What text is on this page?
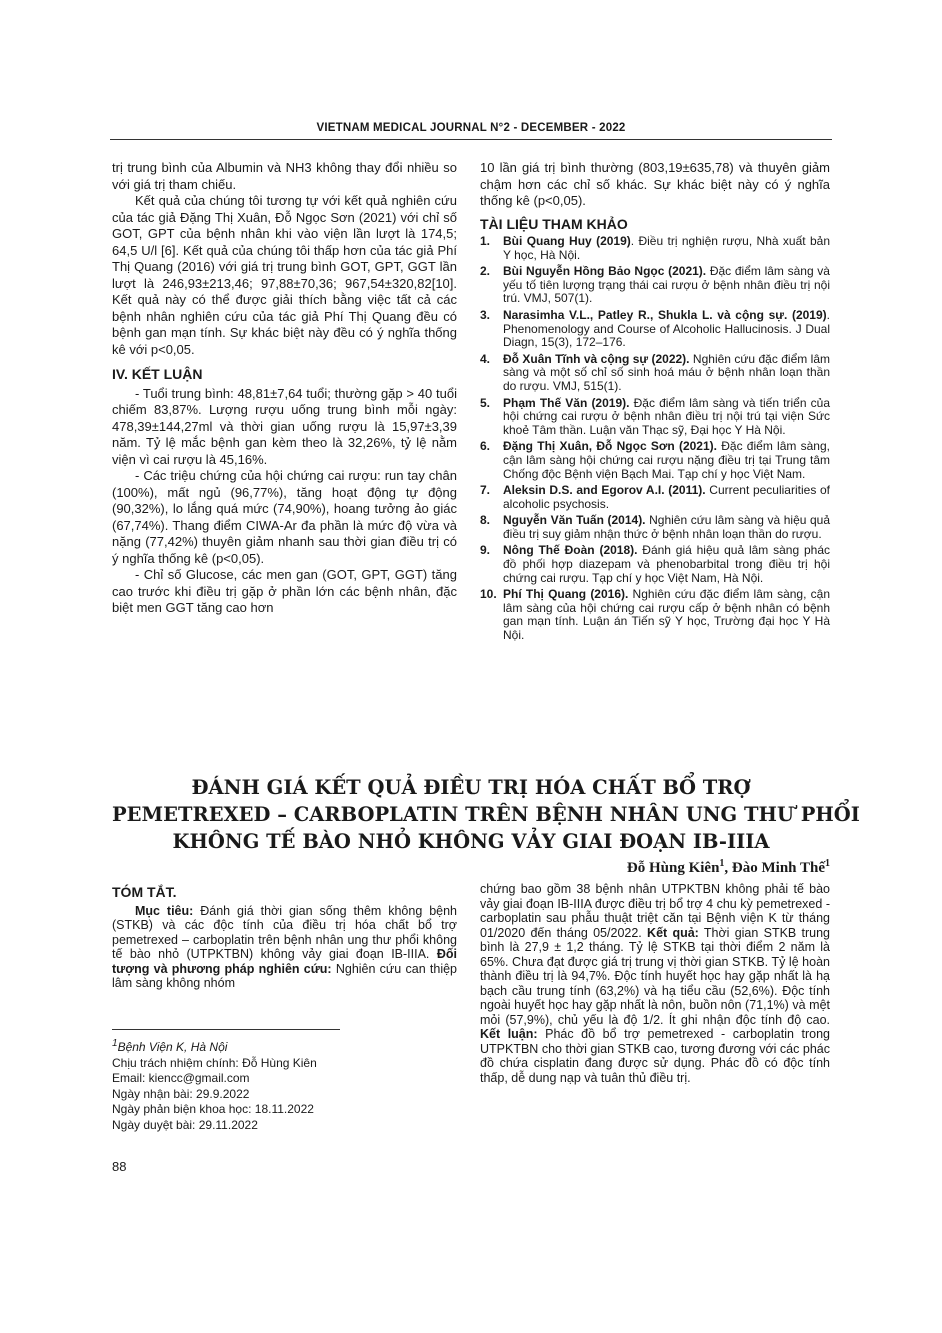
VIETNAM MEDICAL JOURNAL N°2 - DECEMBER - 2022

trị trung bình của Albumin và NH3 không thay đổi nhiều so với giá trị tham chiếu.

Kết quả của chúng tôi tương tự với kết quả nghiên cứu của tác giả Đặng Thị Xuân, Đỗ Ngọc Sơn (2021) với chỉ số GOT, GPT của bệnh nhân khi vào viện lần lượt là 174,5; 64,5 U/l [6]. Kết quả của chúng tôi thấp hơn của tác giả Phí Thị Quang (2016) với giá trị trung bình GOT, GPT, GGT lần lượt là 246,93±213,46; 97,88±70,36; 967,54±320,82[10]. Kết quả này có thể được giải thích bằng việc tất cả các bệnh nhân nghiên cứu của tác giả Phí Thị Quang đều có bệnh gan mạn tính. Sự khác biệt này đều có ý nghĩa thống kê với p<0,05.

IV. KẾT LUẬN

- Tuổi trung bình: 48,81±7,64 tuổi; thường gặp > 40 tuổi chiếm 83,87%. Lượng rượu uống trung bình mỗi ngày: 478,39±144,27ml và thời gian uống rượu là 15,97±3,39 năm. Tỷ lệ mắc bệnh gan kèm theo là 32,26%, tỷ lệ nằm viện vì cai rượu là 45,16%.

- Các triệu chứng của hội chứng cai rượu: run tay chân (100%), mất ngủ (96,77%), tăng hoạt động tự động (90,32%), lo lắng quá mức (74,90%), hoang tưởng ảo giác (67,74%). Thang điểm CIWA-Ar đa phần là mức độ vừa và nặng (77,42%) thuyên giảm nhanh sau thời gian điều trị có ý nghĩa thống kê (p<0,05).

- Chỉ số Glucose, các men gan (GOT, GPT, GGT) tăng cao trước khi điều trị gặp ở phần lớn các bệnh nhân, đặc biệt men GGT tăng cao hơn

10 lần giá trị bình thường (803,19±635,78) và thuyên giảm chậm hơn các chỉ số khác. Sự khác biệt này có ý nghĩa thống kê (p<0,05).

TÀI LIỆU THAM KHẢO
1. Bùi Quang Huy (2019). Điều trị nghiện rượu, Nhà xuất bản Y học, Hà Nội.
2. Bùi Nguyễn Hồng Bảo Ngọc (2021). Đặc điểm lâm sàng và yếu tố tiên lượng trạng thái cai rượu ở bệnh nhân điều trị nội trú. VMJ, 507(1).
3. Narasimha V.L., Patley R., Shukla L. và cộng sự. (2019). Phenomenology and Course of Alcoholic Hallucinosis. J Dual Diagn, 15(3), 172–176.
4. Đỗ Xuân Tĩnh và cộng sự (2022). Nghiên cứu đặc điểm lâm sàng và một số chỉ số sinh hoá máu ở bệnh nhân loạn thần do rượu. VMJ, 515(1).
5. Phạm Thế Văn (2019). Đặc điểm lâm sàng và tiến triển của hội chứng cai rượu ở bệnh nhân điều trị nội trú tại viện Sức khoẻ Tâm thần. Luận văn Thạc sỹ, Đại học Y Hà Nội.
6. Đặng Thị Xuân, Đỗ Ngọc Sơn (2021). Đặc điểm lâm sàng, cận lâm sàng hội chứng cai rượu nặng điều trị tại Trung tâm Chống độc Bệnh viện Bạch Mai. Tạp chí y học Việt Nam.
7. Aleksin D.S. and Egorov A.I. (2011). Current peculiarities of alcoholic psychosis.
8. Nguyễn Văn Tuấn (2014). Nghiên cứu lâm sàng và hiệu quả điều trị suy giảm nhận thức ở bệnh nhân loạn thần do rượu.
9. Nông Thế Đoàn (2018). Đánh giá hiệu quả lâm sàng phác đồ phối hợp diazepam và phenobarbital trong điều trị hội chứng cai rượu. Tạp chí y học Việt Nam, Hà Nội.
10. Phí Thị Quang (2016). Nghiên cứu đặc điểm lâm sàng, cận lâm sàng của hội chứng cai rượu cấp ở bệnh nhân có bệnh gan mạn tính. Luận án Tiến sỹ Y học, Trường đại học Y Hà Nội.
ĐÁNH GIÁ KẾT QUẢ ĐIỀU TRỊ HÓA CHẤT BỔ TRỢ
PEMETREXED – CARBOPLATIN TRÊN BỆNH NHÂN UNG THƯ PHỔI
KHÔNG TẾ BÀO NHỎ KHÔNG VẢY GIAI ĐOẠN IB-IIIA
Đỗ Hùng Kiên$^1$, Đào Minh Thế$^1$
TÓM TẮT.

Mục tiêu: Đánh giá thời gian sống thêm không bệnh (STKB) và các độc tính của điều trị hóa chất bổ trợ pemetrexed – carboplatin trên bệnh nhân ung thư phổi không tế bào nhỏ (UTPKTBN) không vảy giai đoạn IB-IIIA. Đối tượng và phương pháp nghiên cứu: Nghiên cứu can thiệp lâm sàng không nhóm

$^1$Bệnh Viện K, Hà Nội
Chịu trách nhiệm chính: Đỗ Hùng Kiên
Email: kiencc@gmail.com
Ngày nhận bài: 29.9.2022
Ngày phản biện khoa học: 18.11.2022
Ngày duyệt bài: 29.11.2022

chứng bao gồm 38 bệnh nhân UTPKTBN không phải tế bào vảy giai đoạn IB-IIIA được điều trị bổ trợ 4 chu kỳ pemetrexed - carboplatin sau phẫu thuật triệt căn tại Bệnh viện K từ tháng 01/2020 đến tháng 05/2022. Kết quả: Thời gian STKB trung bình là 27,9 ± 1,2 tháng. Tỷ lệ STKB tại thời điểm 2 năm là 65%. Chưa đạt được giá trị trung vị thời gian STKB. Tỷ lệ hoàn thành điều trị là 94,7%. Độc tính huyết học hay gặp nhất là hạ bạch cầu trung tính (63,2%) và hạ tiểu cầu (52,6%). Độc tính ngoài huyết học hay gặp nhất là nôn, buồn nôn (71,1%) và mệt mỏi (57,9%), chủ yếu là độ 1/2. Ít ghi nhận độc tính độ cao. Kết luận: Phác đồ bổ trợ pemetrexed - carboplatin trong UTPKTBN cho thời gian STKB cao, tương đương với các phác đồ chứa cisplatin đang được sử dụng. Phác đồ có độc tính thấp, dễ dung nạp và tuân thủ điều trị.

88
